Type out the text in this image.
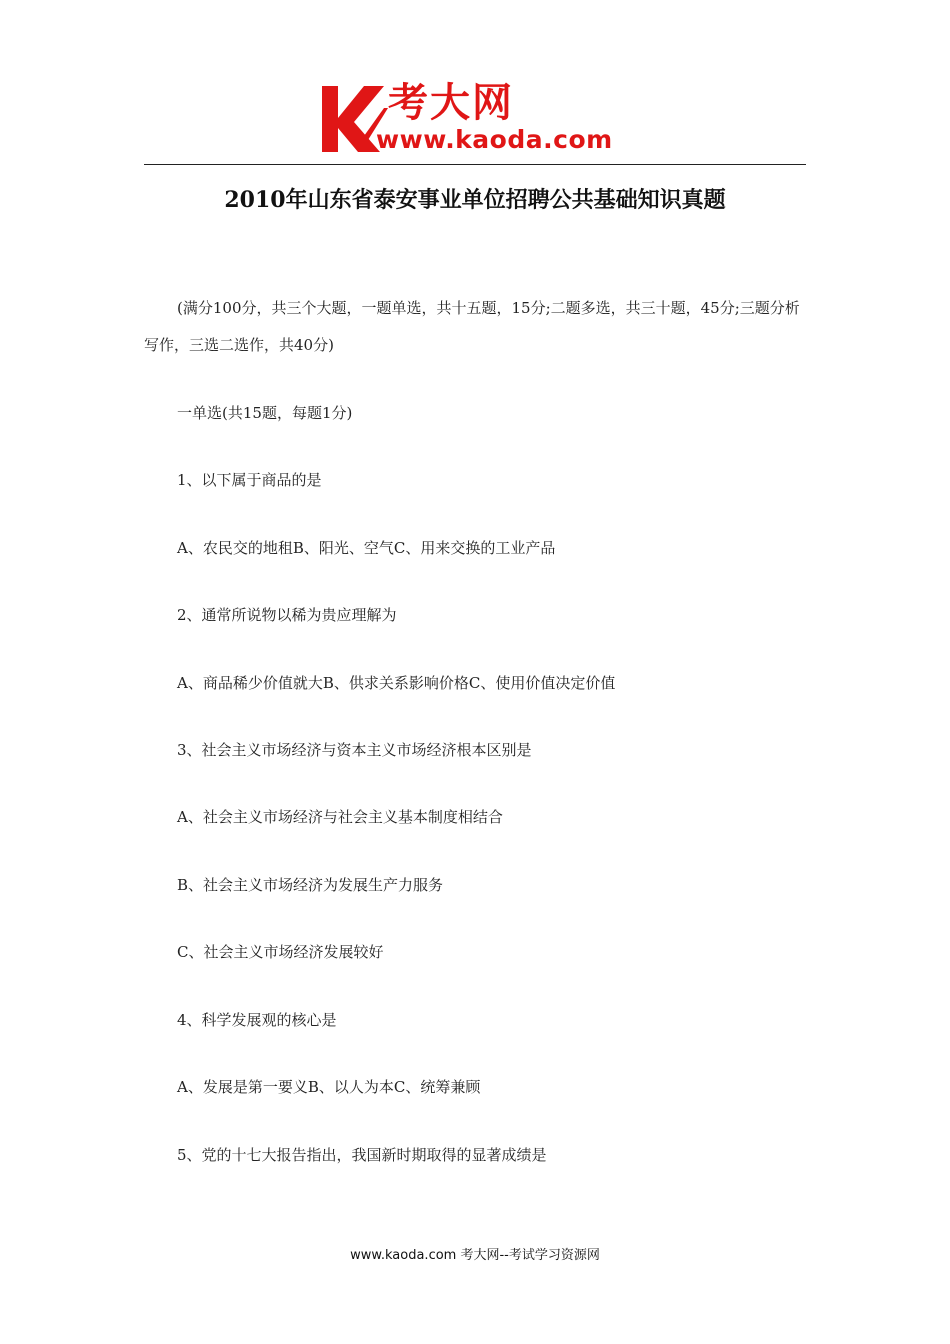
考大网
www.kaoda.com
2010年山东省泰安事业单位招聘公共基础知识真题
(满分100分，共三个大题，一题单选，共十五题，15分;二题多选，共三十题，45分;三题分析写作，三选二选作，共40分)
一单选(共15题，每题1分)
1、以下属于商品的是
A、农民交的地租B、阳光、空气C、用来交换的工业产品
2、通常所说物以稀为贵应理解为
A、商品稀少价值就大B、供求关系影响价格C、使用价值决定价值
3、社会主义市场经济与资本主义市场经济根本区别是
A、社会主义市场经济与社会主义基本制度相结合
B、社会主义市场经济为发展生产力服务
C、社会主义市场经济发展较好
4、科学发展观的核心是
A、发展是第一要义B、以人为本C、统筹兼顾
5、党的十七大报告指出，我国新时期取得的显著成绩是
www.kaoda.com 考大网--考试学习资源网
